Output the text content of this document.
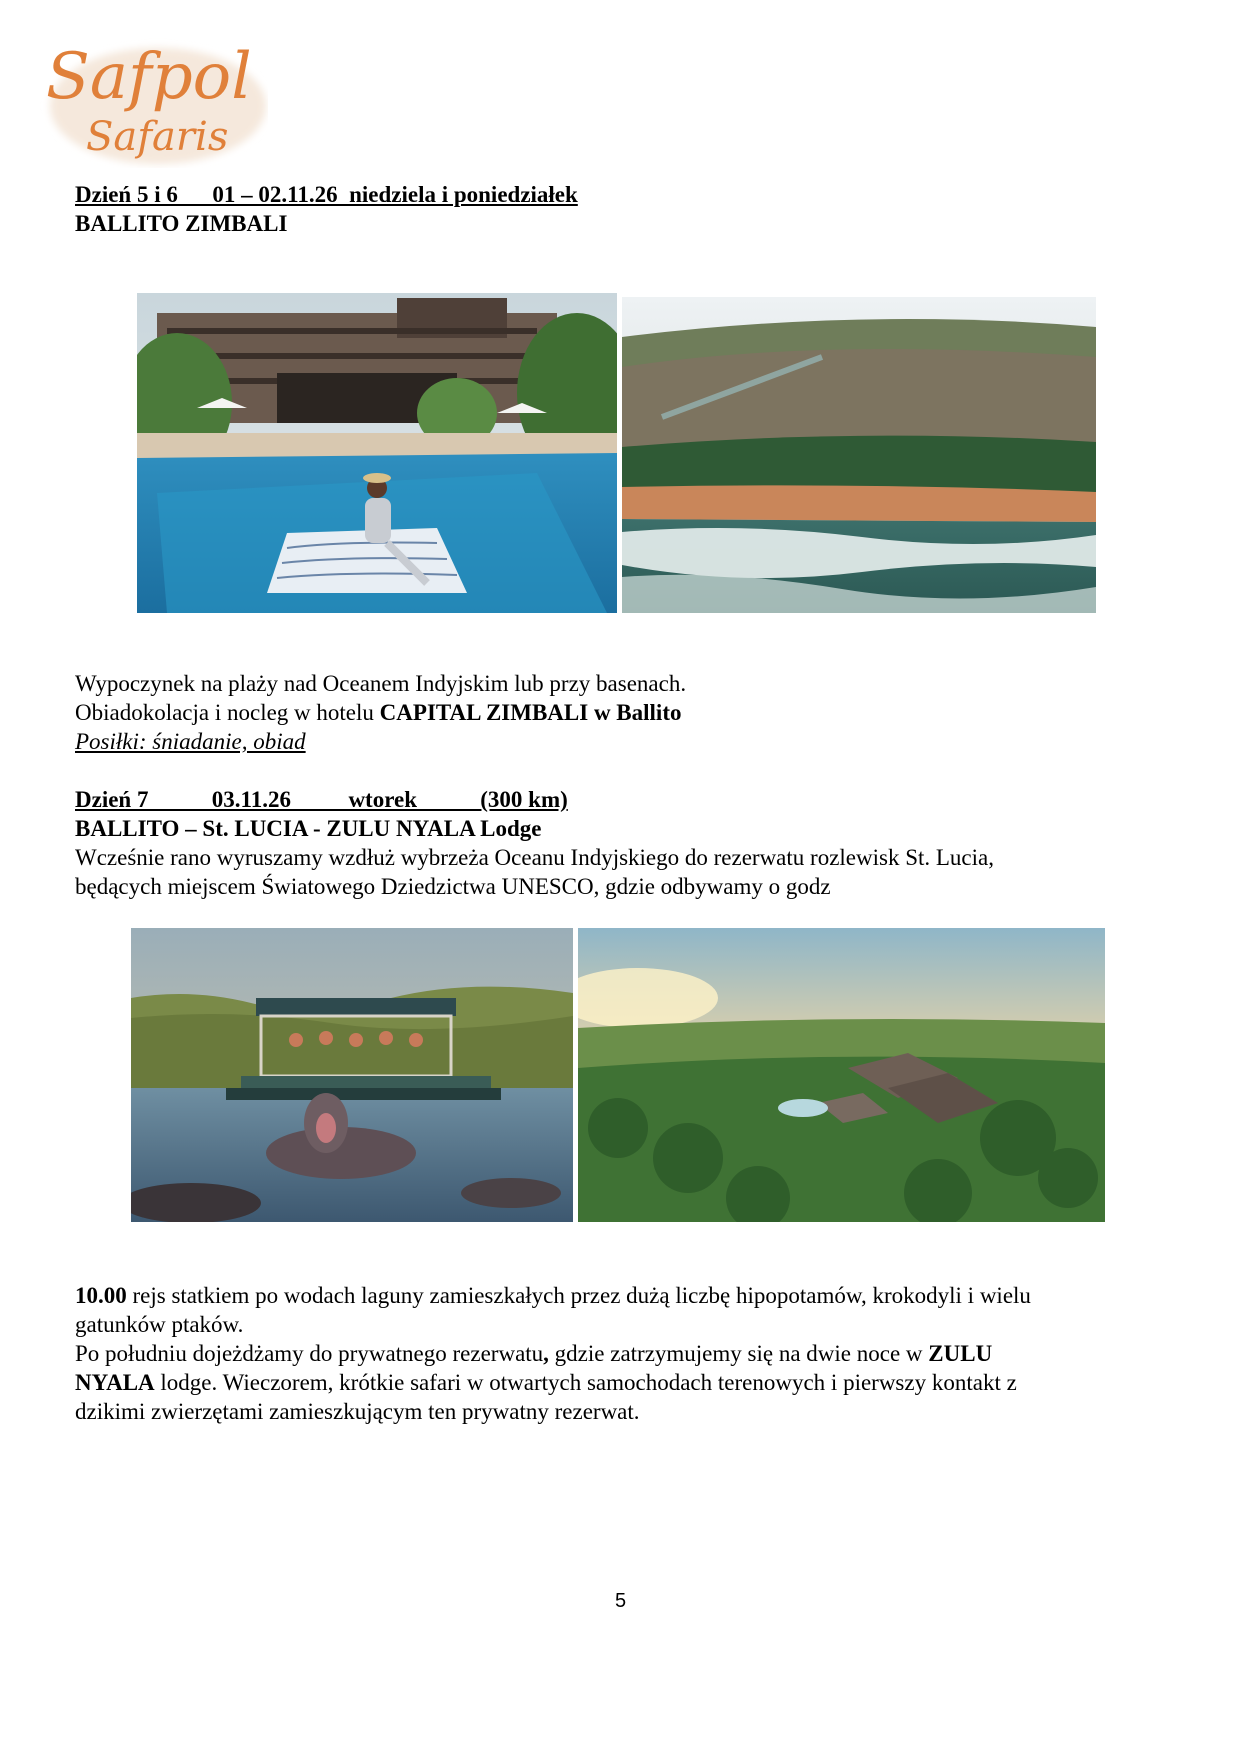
Safpol
Safaris
Dzień 5 i 6      01 – 02.11.26  niedziela i poniedziałek
BALLITO ZIMBALI
Wypoczynek na plaży nad Oceanem Indyjskim lub przy basenach.
Obiadokolacja i nocleg w hotelu CAPITAL ZIMBALI w Ballito
Posiłki: śniadanie, obiad
Dzień 7           03.11.26          wtorek           (300 km)
BALLITO – St. LUCIA - ZULU NYALA Lodge
Wcześnie rano wyruszamy wzdłuż wybrzeża Oceanu Indyjskiego do rezerwatu rozlewisk St. Lucia,
będących miejscem Światowego Dziedzictwa UNESCO, gdzie odbywamy o godz
10.00 rejs statkiem po wodach laguny zamieszkałych przez dużą liczbę hipopotamów, krokodyli i wielu
gatunków ptaków.
Po południu dojeżdżamy do prywatnego rezerwatu, gdzie zatrzymujemy się na dwie noce w ZULU
NYALA lodge. Wieczorem, krótkie safari w otwartych samochodach terenowych i pierwszy kontakt z
dzikimi zwierzętami zamieszkującym ten prywatny rezerwat.
5
